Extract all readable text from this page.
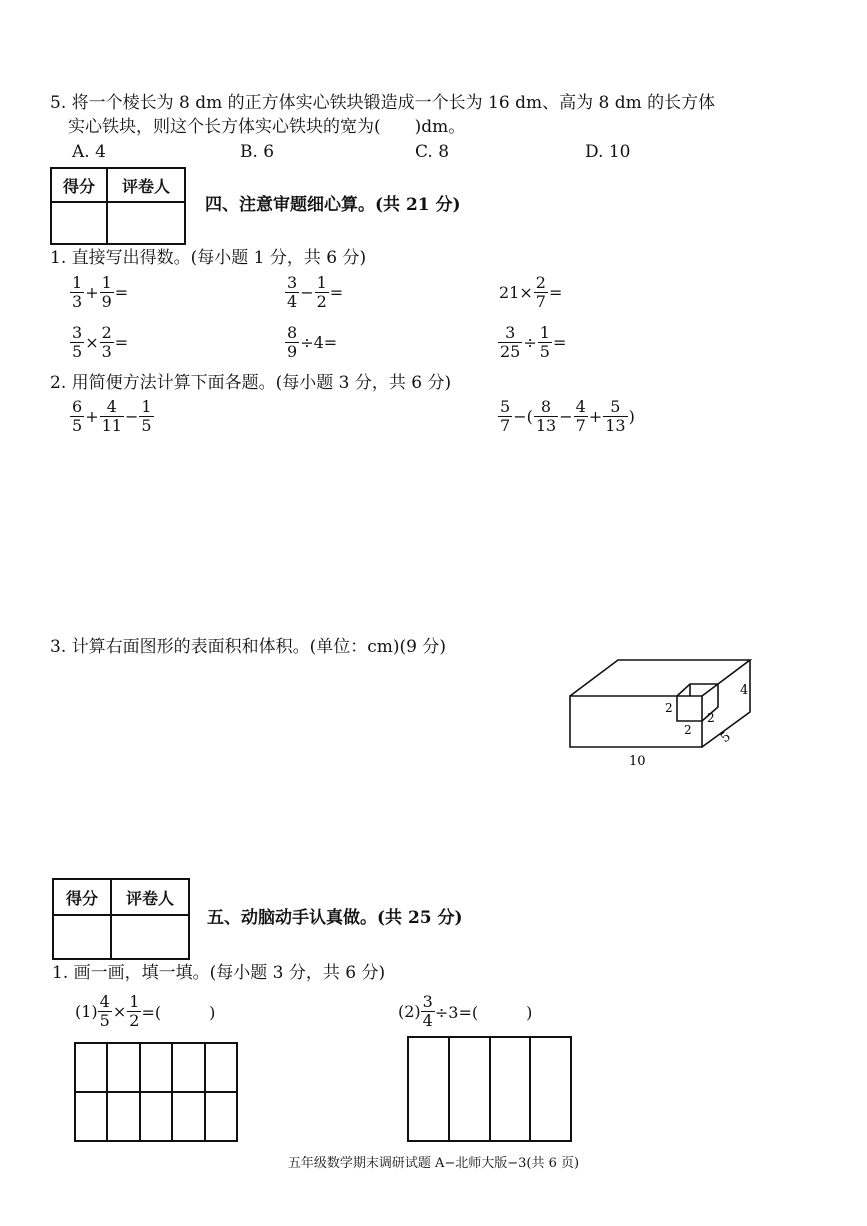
5. 将一个棱长为 8 dm 的正方体实心铁块锻造成一个长为 16 dm、高为 8 dm 的长方体
实心铁块，则这个长方体实心铁块的宽为(　　)dm。
A. 4	B. 6	C. 8	D. 10
得分	评卷人

四、注意审题细心算。(共 21 分)
1. 直接写出得数。(每小题 1 分，共 6 分)
$\frac{1}{3} + \frac{1}{9}$ =	$\frac{3}{4} - \frac{1}{2}$ =	$21\times \frac{2}{7}$ =
$\frac{3}{5} \times \frac{2}{3}$ =	$\frac{8}{9} \div 4=$	$\frac{3}{25} \div \frac{1}{5}$ =
2. 用简便方法计算下面各题。(每小题 3 分，共 6 分)
$\frac{6}{5} + \frac{4}{11} - \frac{1}{5}$	$\frac{5}{7}$ −( $\frac{8}{13} - \frac{4}{7} + \frac{5}{13}$ )
3. 计算右面图形的表面积和体积。(单位：cm)(9 分)
10
5
4
2
2
2
得分	评卷人

五、动脑动手认真做。(共 25 分)
1. 画一画，填一填。(每小题 3 分，共 6 分)
$(1) \frac{4}{5} \times \frac{1}{2}$ =(　　　)	$(2) \frac{3}{4} \div 3=$(　　　)
五年级数学期末调研试题 A−北师大版−3(共 6 页)
